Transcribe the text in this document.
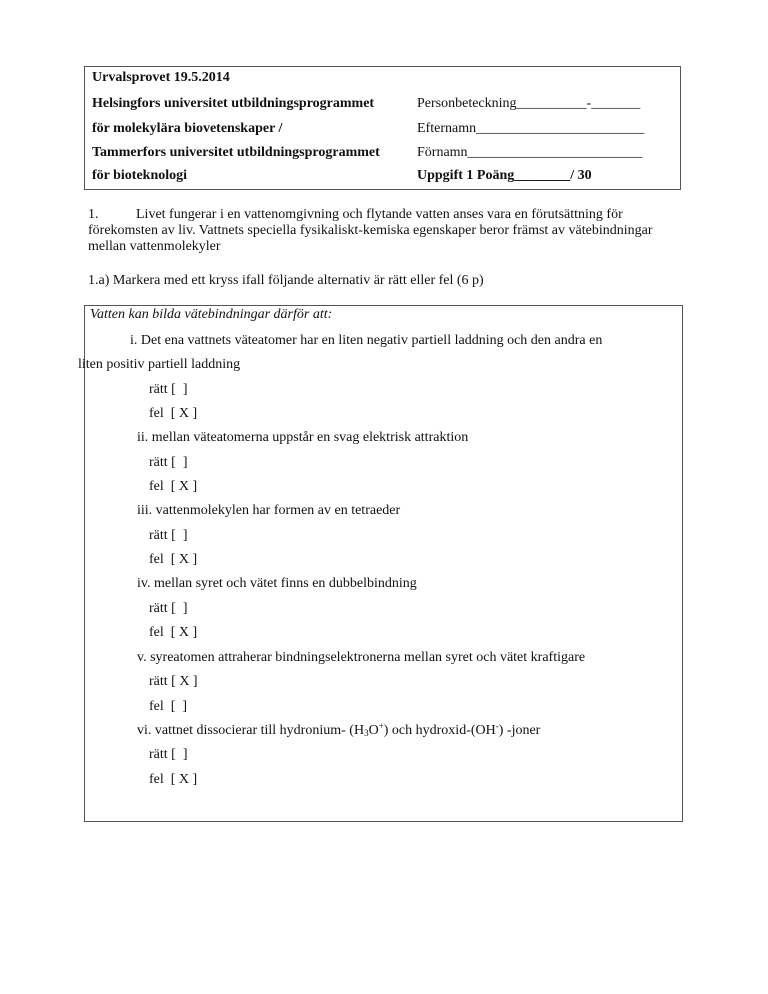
Urvalsprovet 19.5.2014
Helsingfors universitet utbildningsprogrammet	Personbeteckning__________-_______
för molekylära biovetenskaper /	Efternamn________________________
Tammerfors universitet utbildningsprogrammet	Förnamn_________________________
för bioteknologi	Uppgift 1 Poäng________/ 30
1.	Livet fungerar i en vattenomgivning och flytande vatten anses vara en förutsättning för förekomsten av liv. Vattnets speciella fysikaliskt-kemiska egenskaper beror främst av vätebindningar mellan vattenmolekyler
1.a) Markera med ett kryss ifall följande alternativ är rätt eller fel (6 p)
Vatten kan bilda vätebindningar därför att:
i. Det ena vattnets väteatomer har en liten negativ partiell laddning och den andra en
liten positiv partiell laddning
rätt [  ]
fel  [ X ]
ii. mellan väteatomerna uppstår en svag elektrisk attraktion
rätt [  ]
fel  [ X ]
iii. vattenmolekylen har formen av en tetraeder
rätt [  ]
fel  [ X ]
iv. mellan syret och vätet finns en dubbelbindning
rätt [  ]
fel  [ X ]
v. syreatomen attraherar bindningselektronerna mellan syret och vätet kraftigare
rätt [ X ]
fel  [  ]
vi. vattnet dissocierar till hydronium- $(H_3O^+)$ och hydroxid-(OH-) -joner
rätt [  ]
fel  [ X ]
